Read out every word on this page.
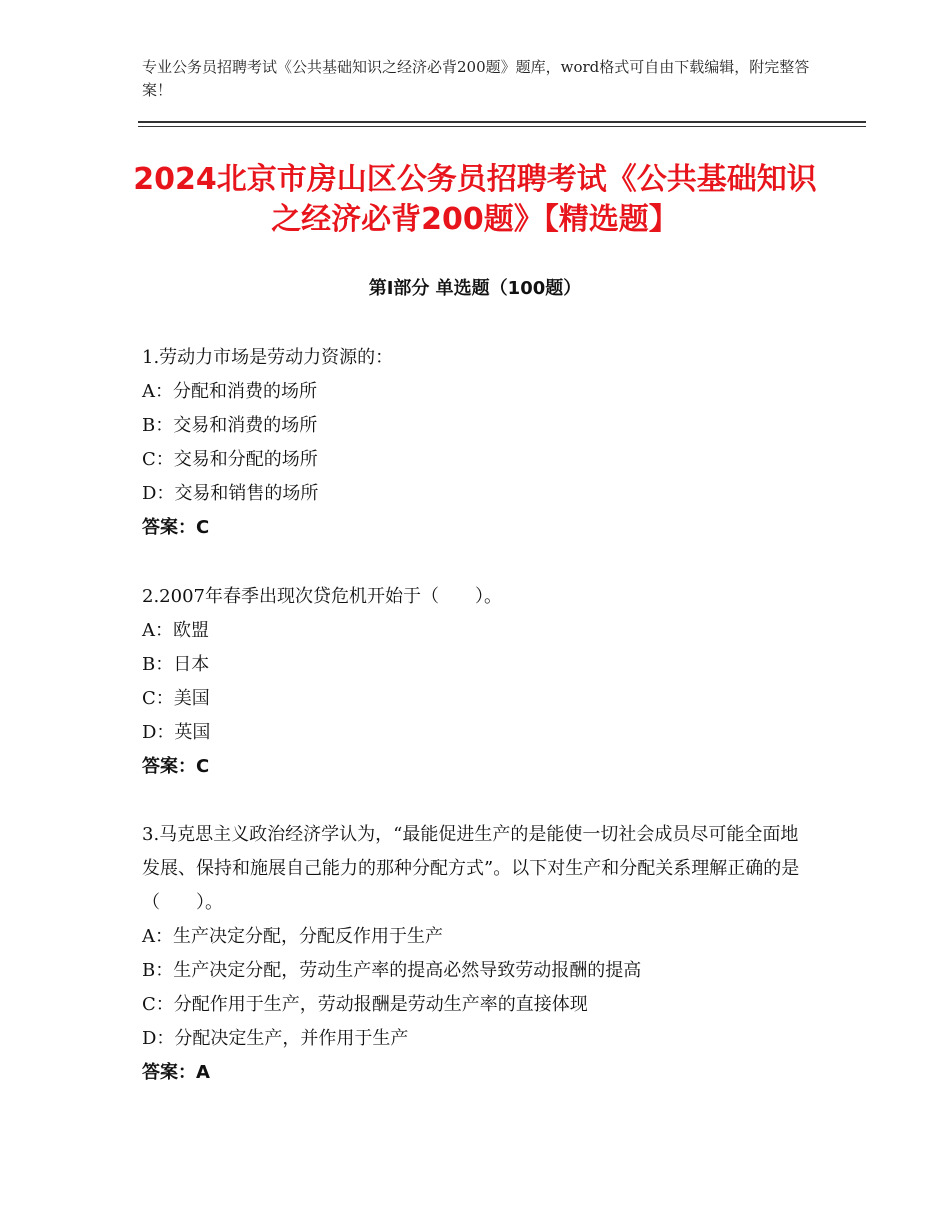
专业公务员招聘考试《公共基础知识之经济必背200题》题库，word格式可自由下载编辑，附完整答案！
2024北京市房山区公务员招聘考试《公共基础知识之经济必背200题》【精选题】
第Ⅰ部分 单选题（100题）

1.劳动力市场是劳动力资源的：

A：分配和消费的场所

B：交易和消费的场所

C：交易和分配的场所

D：交易和销售的场所

答案：C

2.2007年春季出现次贷危机开始于（　　）。

A：欧盟

B：日本

C：美国

D：英国

答案：C

3.马克思主义政治经济学认为，“最能促进生产的是能使一切社会成员尽可能全面地发展、保持和施展自己能力的那种分配方式”。以下对生产和分配关系理解正确的是（　　）。

A：生产决定分配，分配反作用于生产

B：生产决定分配，劳动生产率的提高必然导致劳动报酬的提高

C：分配作用于生产，劳动报酬是劳动生产率的直接体现

D：分配决定生产，并作用于生产

答案：A
